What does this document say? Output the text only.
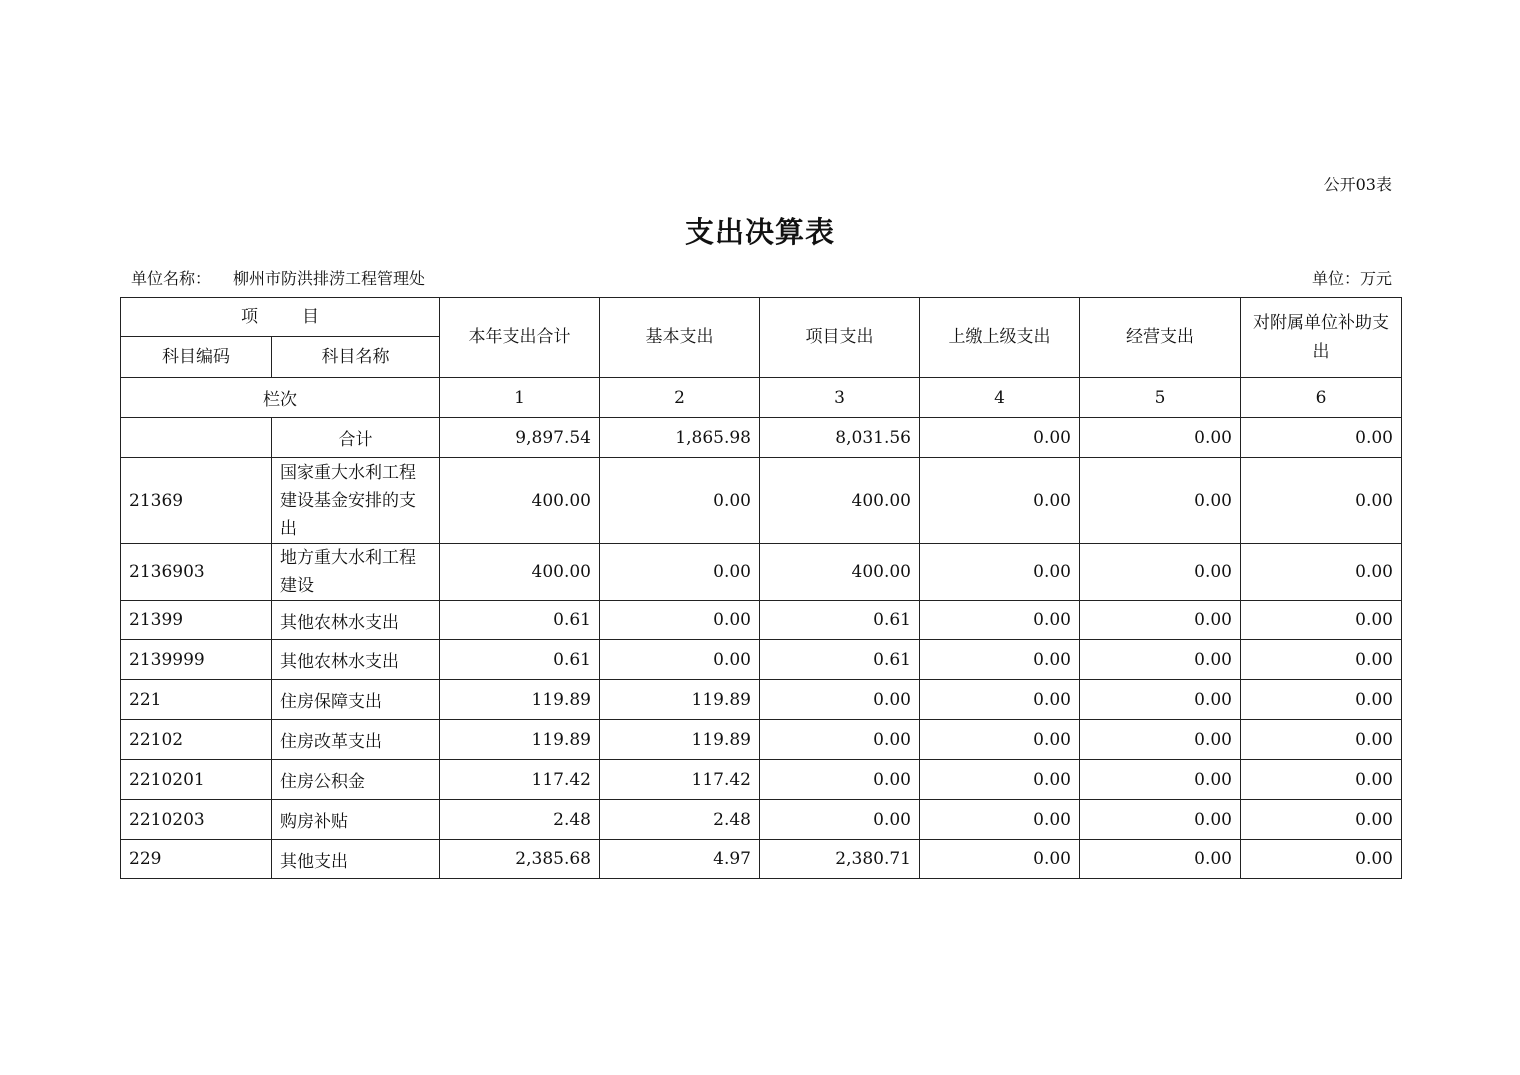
公开03表
支出决算表
单位名称： 柳州市防洪排涝工程管理处	单位：万元
项 目		本年支出合计	基本支出	项目支出	上缴上级支出	经营支出	对附属单位补助支出
科目编码	科目名称						
栏次		1	2	3	4	5	6
	合计	9,897.54	1,865.98	8,031.56	0.00	0.00	0.00
21369	国家重大水利工程建设基金安排的支出	400.00	0.00	400.00	0.00	0.00	0.00
2136903	地方重大水利工程建设	400.00	0.00	400.00	0.00	0.00	0.00
21399	其他农林水支出	0.61	0.00	0.61	0.00	0.00	0.00
2139999	其他农林水支出	0.61	0.00	0.61	0.00	0.00	0.00
221	住房保障支出	119.89	119.89	0.00	0.00	0.00	0.00
22102	住房改革支出	119.89	119.89	0.00	0.00	0.00	0.00
2210201	住房公积金	117.42	117.42	0.00	0.00	0.00	0.00
2210203	购房补贴	2.48	2.48	0.00	0.00	0.00	0.00
229	其他支出	2,385.68	4.97	2,380.71	0.00	0.00	0.00
